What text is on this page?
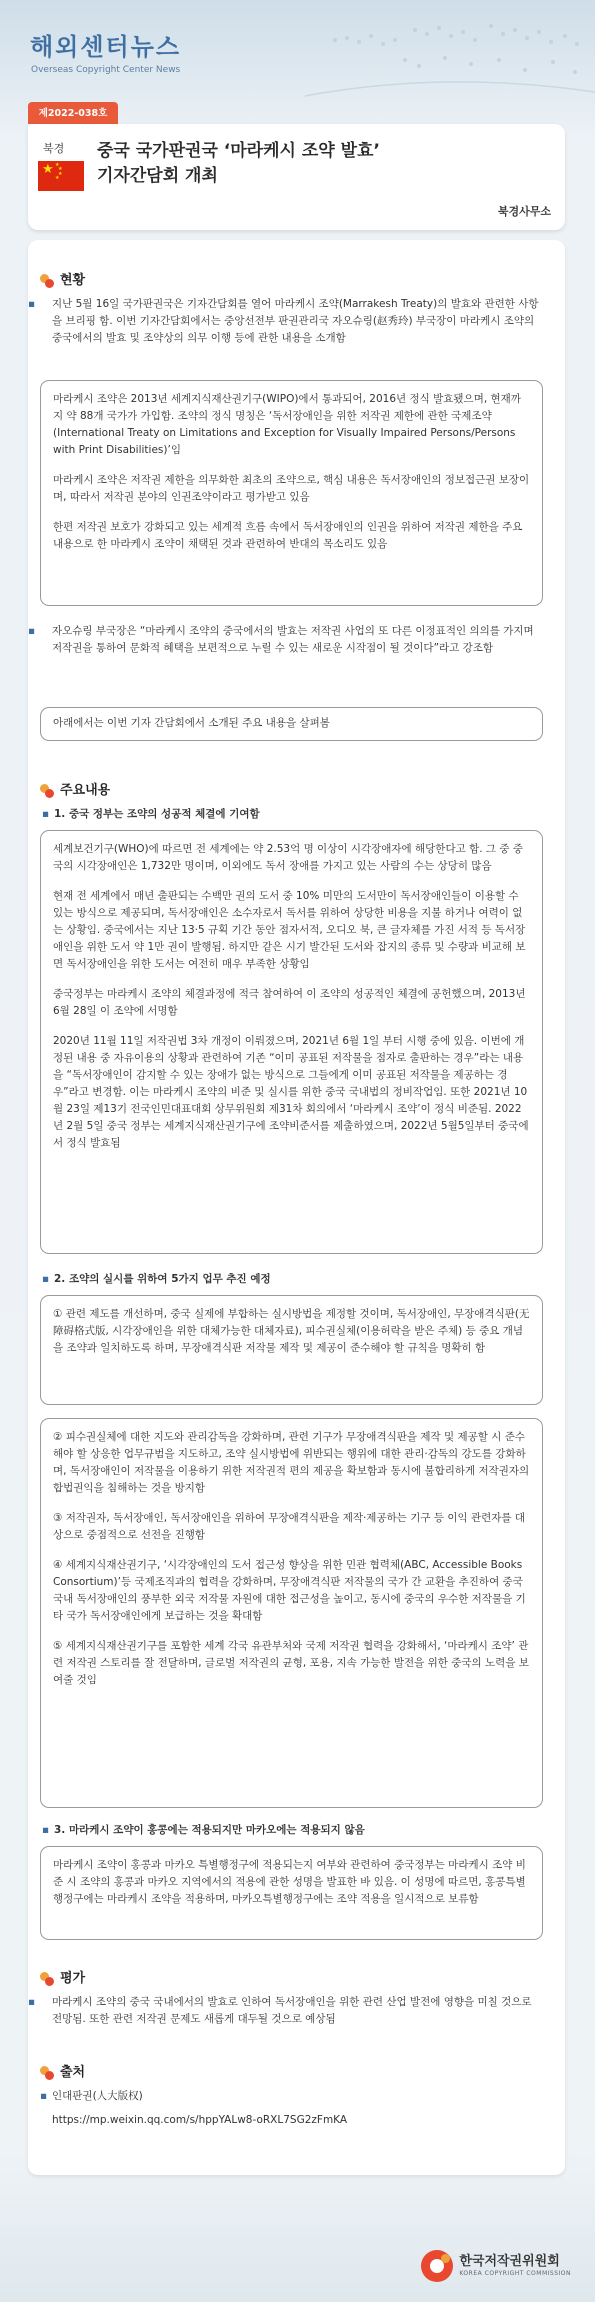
해외센터뉴스
Overseas Copyright Center News
제2022-038호
북경
★ ★
★
★
★
중국 국가판권국 ‘마라케시 조약 발효’
기자간담회 개최
북경사무소
현황
▪ 지난 5월 16일 국가판권국은 기자간담회를 열어 마라케시 조약(Marrakesh Treaty)의 발효와 관련한 사항을 브리핑 함. 이번 기자간담회에서는 중앙선전부 판권관리국 자오슈링(赵秀玲) 부국장이 마라케시 조약의 중국에서의 발효 및 조약상의 의무 이행 등에 관한 내용을 소개함

마라케시 조약은 2013년 세계지식재산권기구(WIPO)에서 통과되어, 2016년 정식 발효됐으며, 현재까지 약 88개 국가가 가입함. 조약의 정식 명칭은 ‘독서장애인을 위한 저작권 제한에 관한 국제조약(International Treaty on Limitations and Exception for Visually Impaired Persons/Persons with Print Disabilities)’임

마라케시 조약은 저작권 제한을 의무화한 최초의 조약으로, 핵심 내용은 독서장애인의 정보접근권 보장이며, 따라서 저작권 분야의 인권조약이라고 평가받고 있음

한편 저작권 보호가 강화되고 있는 세계적 흐름 속에서 독서장애인의 인권을 위하여 저작권 제한을 주요 내용으로 한 마라케시 조약이 채택된 것과 관련하여 반대의 목소리도 있음

▪ 자오슈링 부국장은 “마라케시 조약의 중국에서의 발효는 저작권 사업의 또 다른 이정표적인 의의를 가지며 저작권을 통하여 문화적 혜택을 보편적으로 누릴 수 있는 새로운 시작점이 될 것이다”라고 강조함

아래에서는 이번 기자 간담회에서 소개된 주요 내용을 살펴봄

주요내용
▪ 1. 중국 정부는 조약의 성공적 체결에 기여함

세계보건기구(WHO)에 따르면 전 세계에는 약 2.53억 명 이상이 시각장애자에 해당한다고 함. 그 중 중국의 시각장애인은 1,732만 명이며, 이외에도 독서 장애를 가지고 있는 사람의 수는 상당히 많음

현재 전 세계에서 매년 출판되는 수백만 권의 도서 중 10% 미만의 도서만이 독서장애인들이 이용할 수 있는 방식으로 제공되며, 독서장애인은 소수자로서 독서를 위하여 상당한 비용을 지불 하거나 여력이 없는 상황임. 중국에서는 지난 13·5 규획 기간 동안 점자서적, 오디오 북, 큰 글자체를 가진 서적 등 독서장애인을 위한 도서 약 1만 권이 발행됨. 하지만 같은 시기 발간된 도서와 잡지의 종류 및 수량과 비교해 보면 독서장애인을 위한 도서는 여전히 매우 부족한 상황임

중국정부는 마라케시 조약의 체결과정에 적극 참여하여 이 조약의 성공적인 체결에 공헌했으며, 2013년 6월 28일 이 조약에 서명함

2020년 11월 11일 저작권법 3차 개정이 이뤄졌으며, 2021년 6월 1일 부터 시행 중에 있음. 이번에 개정된 내용 중 자유이용의 상황과 관련하여 기존 “이미 공표된 저작물을 점자로 출판하는 경우”라는 내용을 “독서장애인이 감지할 수 있는 장애가 없는 방식으로 그들에게 이미 공표된 저작물을 제공하는 경우”라고 변경함. 이는 마라케시 조약의 비준 및 실시를 위한 중국 국내법의 정비작업임. 또한 2021년 10월 23일 제13기 전국인민대표대회 상무위원회 제31차 회의에서 ‘마라케시 조약’이 정식 비준됨. 2022년 2월 5일 중국 정부는 세계지식재산권기구에 조약비준서를 제출하였으며, 2022년 5월5일부터 중국에서 정식 발효됨

▪ 2. 조약의 실시를 위하여 5가지 업무 추진 예정

① 관련 제도를 개선하며, 중국 실제에 부합하는 실시방법을 제정할 것이며, 독서장애인, 무장애격식판(无障碍格式版, 시각장애인을 위한 대체가능한 대체자료), 피수권실체(이용허락을 받은 주체) 등 중요 개념을 조약과 일치하도록 하며, 무장애격식판 저작물 제작 및 제공이 준수해야 할 규칙을 명확히 함

② 피수권실체에 대한 지도와 관리감독을 강화하며, 관련 기구가 무장애격식판을 제작 및 제공할 시 준수해야 할 상응한 업무규범을 지도하고, 조약 실시방법에 위반되는 행위에 대한 관리·감독의 강도를 강화하며, 독서장애인이 저작물을 이용하기 위한 저작권적 편의 제공을 확보함과 동시에 불합리하게 저작권자의 합법권익을 침해하는 것을 방지함

③ 저작권자, 독서장애인, 독서장애인을 위하여 무장애격식판을 제작·제공하는 기구 등 이익 관련자를 대상으로 중점적으로 선전을 진행함

④ 세계지식재산권기구, ‘시각장애인의 도서 접근성 향상을 위한 민관 협력체(ABC, Accessible Books Consortium)’등 국제조직과의 협력을 강화하며, 무장애격식판 저작물의 국가 간 교환을 추진하여 중국 국내 독서장애인의 풍부한 외국 저작물 자원에 대한 접근성을 높이고, 동시에 중국의 우수한 저작물을 기타 국가 독서장애인에게 보급하는 것을 확대함

⑤ 세계지식재산권기구를 포함한 세계 각국 유관부처와 국제 저작권 협력을 강화해서, ‘마라케시 조약’ 관련 저작권 스토리를 잘 전달하며, 글로벌 저작권의 균형, 포용, 지속 가능한 발전을 위한 중국의 노력을 보여줄 것임

▪ 3. 마라케시 조약이 홍콩에는 적용되지만 마카오에는 적용되지 않음

마라케시 조약이 홍콩과 마카오 특별행정구에 적용되는지 여부와 관련하여 중국정부는 마라케시 조약 비준 시 조약의 홍콩과 마카오 지역에서의 적용에 관한 성명을 발표한 바 있음. 이 성명에 따르면, 홍콩특별행정구에는 마라케시 조약을 적용하며, 마카오특별행정구에는 조약 적용을 일시적으로 보류함

평가
▪ 마라케시 조약의 중국 국내에서의 발효로 인하여 독서장애인을 위한 관련 산업 발전에 영향을 미칠 것으로 전망됨. 또한 관련 저작권 문제도 새롭게 대두될 것으로 예상됨
출처
▪ 인대판권(人大版权)
https://mp.weixin.qq.com/s/hppYALw8-oRXL7SG2zFmKA
한국저작권위원회
KOREA COPYRIGHT COMMISSION
